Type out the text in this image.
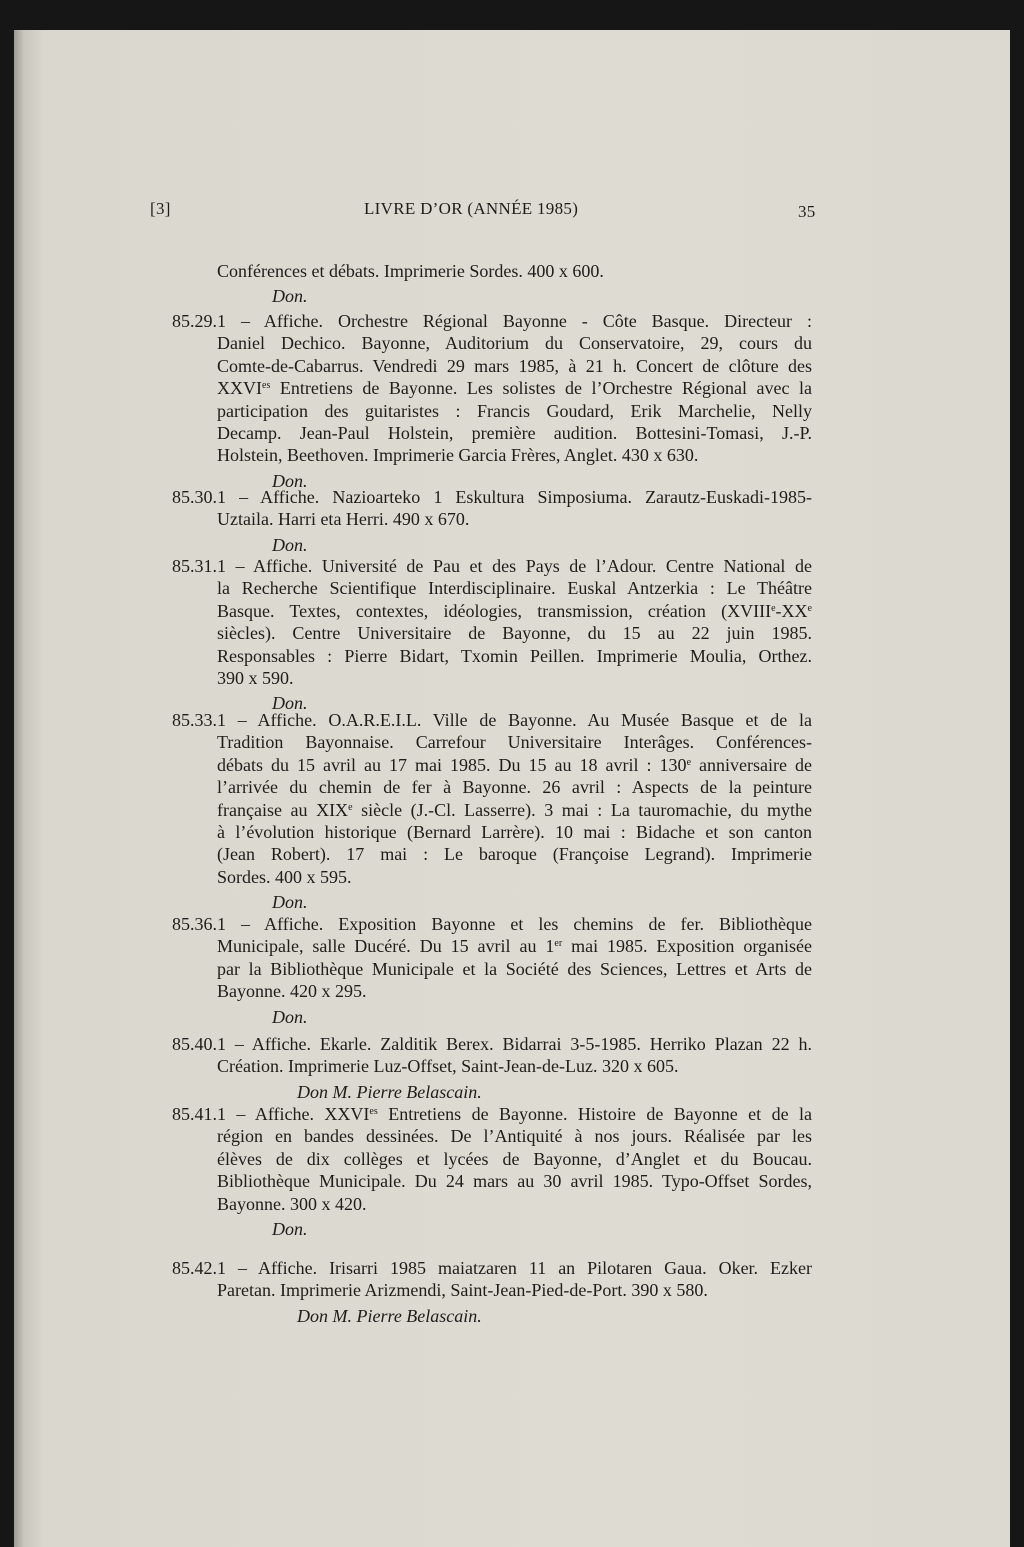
[3]	LIVRE D’OR (ANNÉE 1985)	35
Conférences et débats. Imprimerie Sordes. 400 x 600.
Don.
85.29.1 – Affiche. Orchestre Régional Bayonne - Côte Basque. Directeur :
Daniel Dechico. Bayonne, Auditorium du Conservatoire, 29, cours du
Comte-de-Cabarrus. Vendredi 29 mars 1985, à 21 h. Concert de clôture des
$XXVI^{es}$ Entretiens de Bayonne. Les solistes de l’Orchestre Régional avec la
participation des guitaristes : Francis Goudard, Erik Marchelie, Nelly
Decamp. Jean-Paul Holstein, première audition. Bottesini-Tomasi, J.-P.
Holstein, Beethoven. Imprimerie Garcia Frères, Anglet. 430 x 630.
Don.
85.30.1 – Affiche. Nazioarteko 1 Eskultura Simposiuma. Zarautz-Euskadi-1985-
Uztaila. Harri eta Herri. 490 x 670.
Don.
85.31.1 – Affiche. Université de Pau et des Pays de l’Adour. Centre National de
la Recherche Scientifique Interdisciplinaire. Euskal Antzerkia : Le Théâtre
Basque. Textes, contextes, idéologies, transmission, création (XVIIIe-XXe
siècles). Centre Universitaire de Bayonne, du 15 au 22 juin 1985.
Responsables : Pierre Bidart, Txomin Peillen. Imprimerie Moulia, Orthez.
390 x 590.
Don.
85.33.1 – Affiche. O.A.R.E.I.L. Ville de Bayonne. Au Musée Basque et de la
Tradition Bayonnaise. Carrefour Universitaire Interâges. Conférences-
débats du 15 avril au 17 mai 1985. Du 15 au 18 avril : 130e anniversaire de
l’arrivée du chemin de fer à Bayonne. 26 avril : Aspects de la peinture
française au XIXe siècle (J.-Cl. Lasserre). 3 mai : La tauromachie, du mythe
à l’évolution historique (Bernard Larrère). 10 mai : Bidache et son canton
(Jean Robert). 17 mai : Le baroque (Françoise Legrand). Imprimerie
Sordes. 400 x 595.
Don.
85.36.1 – Affiche. Exposition Bayonne et les chemins de fer. Bibliothèque
Municipale, salle Ducéré. Du 15 avril au 1er mai 1985. Exposition organisée
par la Bibliothèque Municipale et la Société des Sciences, Lettres et Arts de
Bayonne. 420 x 295.
Don.
85.40.1 – Affiche. Ekarle. Zalditik Berex. Bidarrai 3-5-1985. Herriko Plazan 22 h.
Création. Imprimerie Luz-Offset, Saint-Jean-de-Luz. 320 x 605.
Don M. Pierre Belascain.
85.41.1 – Affiche. $XXVI^{es}$ Entretiens de Bayonne. Histoire de Bayonne et de la
région en bandes dessinées. De l’Antiquité à nos jours. Réalisée par les
élèves de dix collèges et lycées de Bayonne, d’Anglet et du Boucau.
Bibliothèque Municipale. Du 24 mars au 30 avril 1985. Typo-Offset Sordes,
Bayonne. 300 x 420.
Don.
85.42.1 – Affiche. Irisarri 1985 maiatzaren 11 an Pilotaren Gaua. Oker. Ezker
Paretan. Imprimerie Arizmendi, Saint-Jean-Pied-de-Port. 390 x 580.
Don M. Pierre Belascain.
